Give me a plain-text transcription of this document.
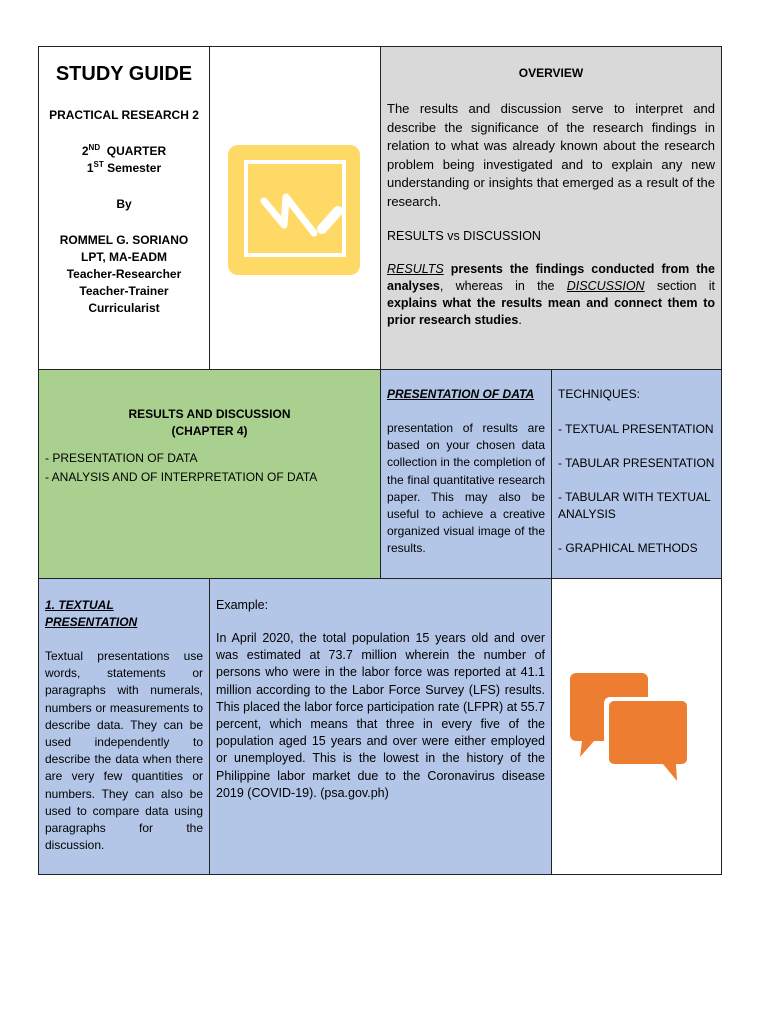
STUDY GUIDE

PRACTICAL RESEARCH 2

2ND QUARTER

1ST Semester

By

ROMMEL G. SORIANO

LPT, MA-EADM

Teacher-Researcher

Teacher-Trainer

Curricularist

OVERVIEW

The results and discussion serve to interpret and describe the significance of the research findings in relation to what was already known about the research problem being investigated and to explain any new understanding or insights that emerged as a result of the research.

RESULTS vs DISCUSSION

RESULTS presents the findings conducted from the analyses, whereas in the DISCUSSION section it explains what the results mean and connect them to prior research studies.

RESULTS AND DISCUSSION

(CHAPTER 4)

- PRESENTATION OF DATA

- ANALYSIS AND OF INTERPRETATION OF DATA

PRESENTATION OF DATA

presentation of results are based on your chosen data collection in the completion of the final quantitative research paper. This may also be useful to achieve a creative organized visual image of the results.

TECHNIQUES:

- TEXTUAL PRESENTATION

- TABULAR PRESENTATION

- TABULAR WITH TEXTUAL ANALYSIS

- GRAPHICAL METHODS

1. TEXTUAL PRESENTATION

Textual presentations use words, statements or paragraphs with numerals, numbers or measurements to describe data. They can be used independently to describe the data when there are very few quantities or numbers. They can also be used to compare data using paragraphs for the discussion.

Example:

In April 2020, the total population 15 years old and over was estimated at 73.7 million wherein the number of persons who were in the labor force was reported at 41.1 million according to the Labor Force Survey (LFS) results. This placed the labor force participation rate (LFPR) at 55.7 percent, which means that three in every five of the population aged 15 years and over were either employed or unemployed. This is the lowest in the history of the Philippine labor market due to the Coronavirus disease 2019 (COVID-19). (psa.gov.ph)
